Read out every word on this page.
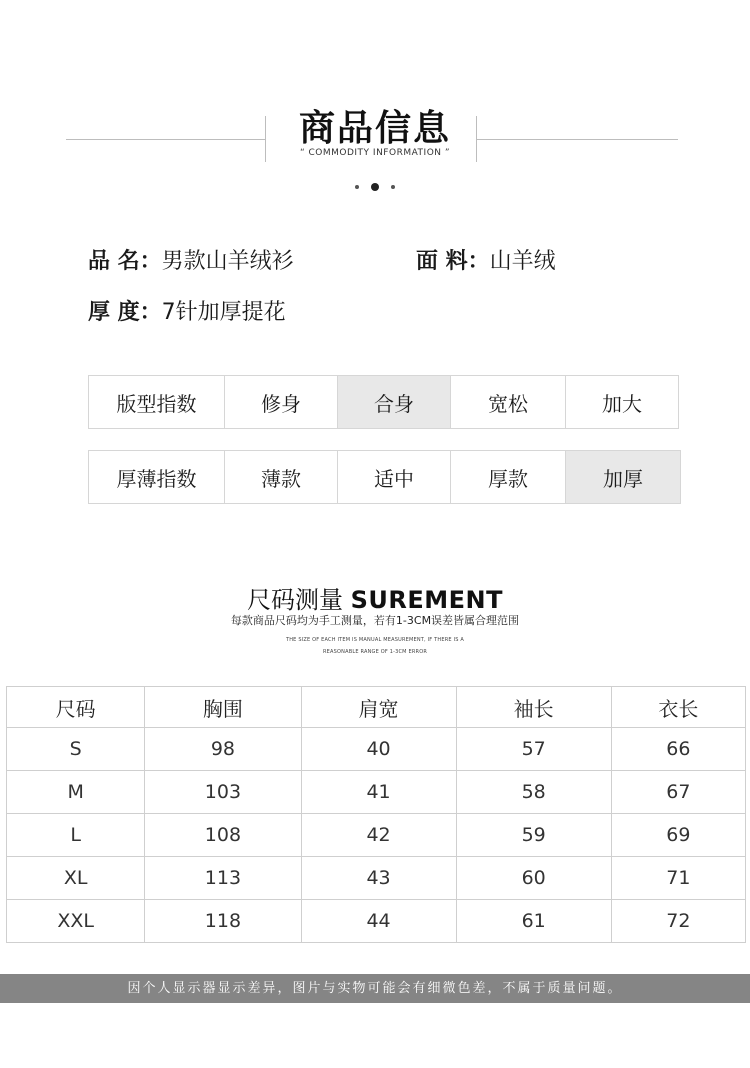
商品信息
“ COMMODITY INFORMATION ”
品 名：男款山羊绒衫	面 料：山羊绒
厚 度：7针加厚提花
版型指数	修身	合身	宽松	加大
厚薄指数	薄款	适中	厚款	加厚
尺码测量 SUREMENT
每款商品尺码均为手工测量，若有1-3CM误差皆属合理范围
THE SIZE OF EACH ITEM IS MANUAL MEASUREMENT, IF THERE IS A
REASONABLE RANGE OF 1-3CM ERROR
尺码	胸围	肩宽	袖长	衣长
S	98	40	57	66
M	103	41	58	67
L	108	42	59	69
XL	113	43	60	71
XXL	118	44	61	72
因个人显示器显示差异，图片与实物可能会有细微色差，不属于质量问题。
